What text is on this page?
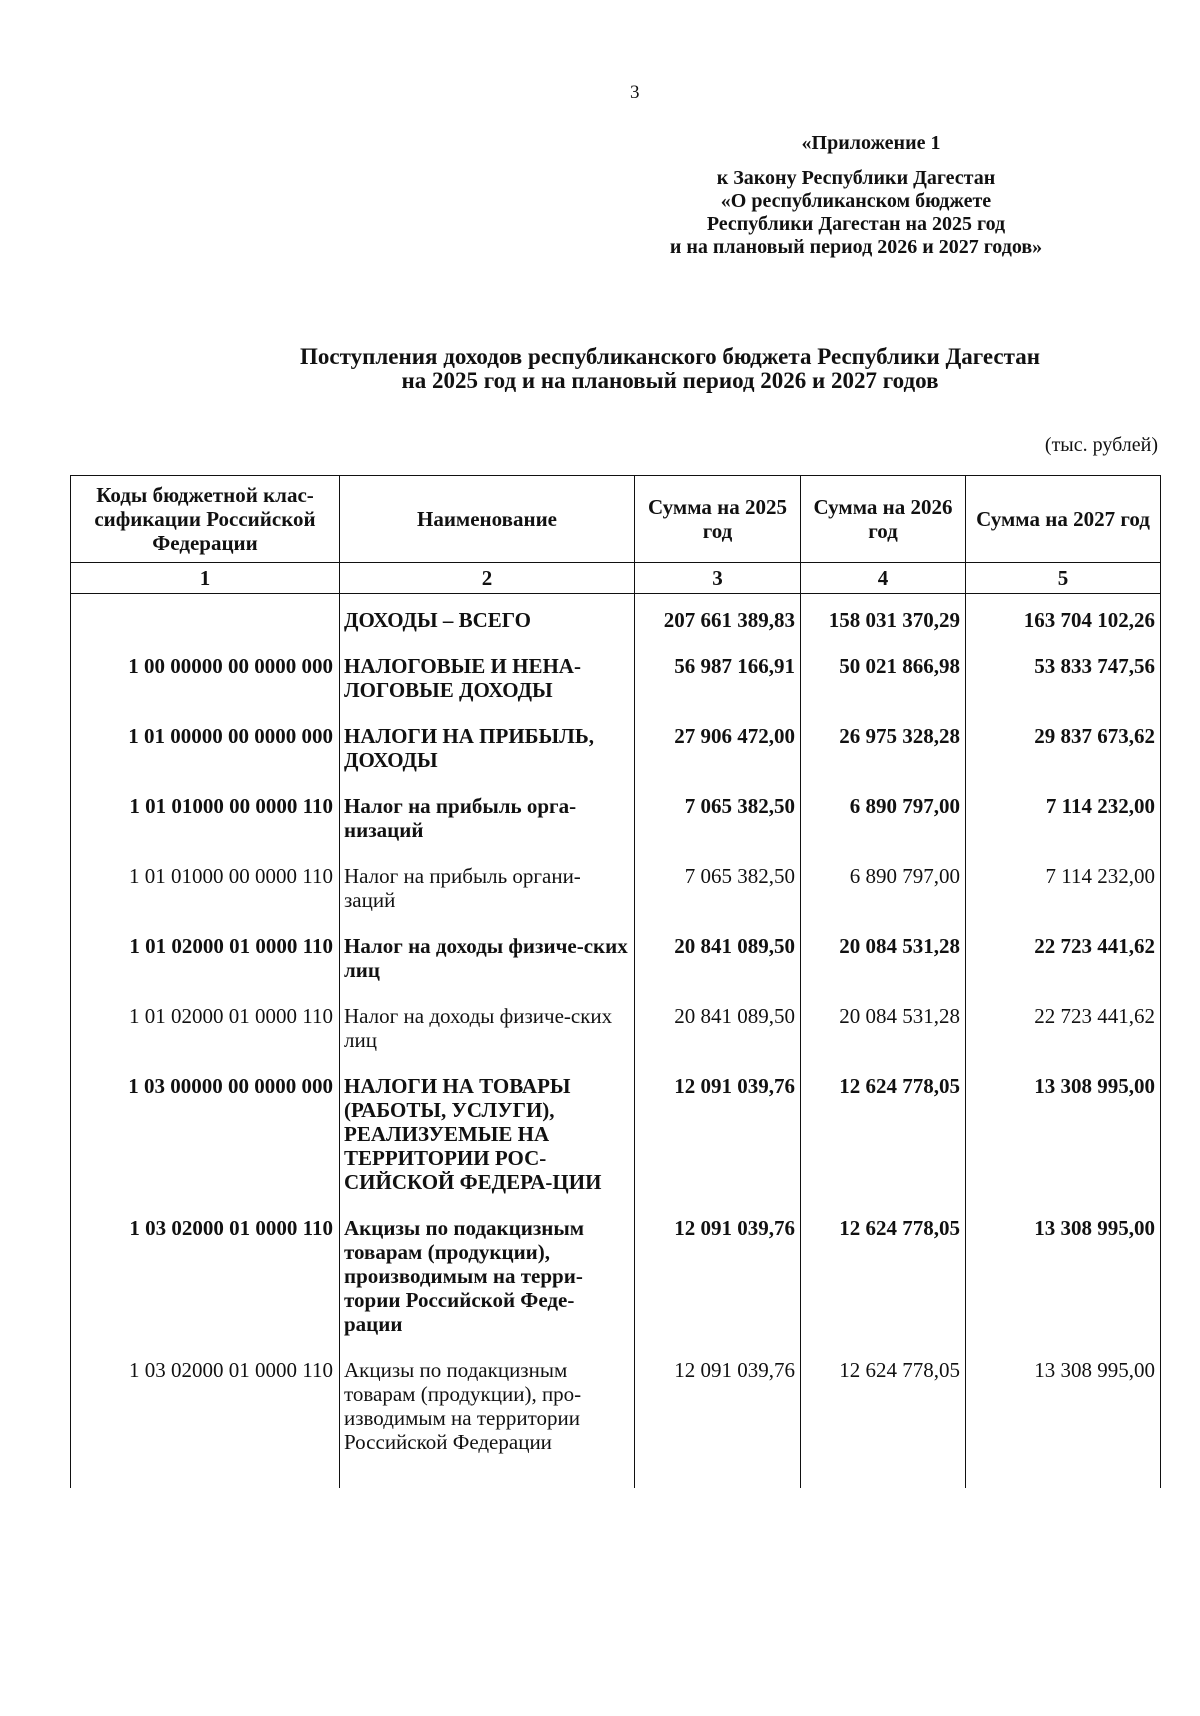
3
«Приложение 1
к Закону Республики Дагестан
«О республиканском бюджете
Республики Дагестан на 2025 год
и на плановый период 2026 и 2027 годов»
Поступления доходов республиканского бюджета Республики Дагестан
на 2025 год и на плановый период 2026 и 2027 годов
(тыс. рублей)
Коды бюджетной клас-сификации Российской Федерации	Наименование	Сумма на 2025 год	Сумма на 2026 год	Сумма на 2027 год
1	2	3	4	5
	ДОХОДЫ – ВСЕГО	207 661 389,83	158 031 370,29	163 704 102,26
1 00 00000 00 0000 000	НАЛОГОВЫЕ И НЕНА-ЛОГОВЫЕ ДОХОДЫ	56 987 166,91	50 021 866,98	53 833 747,56
1 01 00000 00 0000 000	НАЛОГИ НА ПРИБЫЛЬ, ДОХОДЫ	27 906 472,00	26 975 328,28	29 837 673,62
1 01 01000 00 0000 110	Налог на прибыль орга-низаций	7 065 382,50	6 890 797,00	7 114 232,00
1 01 01000 00 0000 110	Налог на прибыль органи-заций	7 065 382,50	6 890 797,00	7 114 232,00
1 01 02000 01 0000 110	Налог на доходы физиче-ских лиц	20 841 089,50	20 084 531,28	22 723 441,62
1 01 02000 01 0000 110	Налог на доходы физиче-ских лиц	20 841 089,50	20 084 531,28	22 723 441,62
1 03 00000 00 0000 000	НАЛОГИ НА ТОВАРЫ (РАБОТЫ, УСЛУГИ), РЕАЛИЗУЕМЫЕ НА ТЕРРИТОРИИ РОС-СИЙСКОЙ ФЕДЕРА-ЦИИ	12 091 039,76	12 624 778,05	13 308 995,00
1 03 02000 01 0000 110	Акцизы по подакцизным товарам (продукции), производимым на терри-тории Российской Феде-рации	12 091 039,76	12 624 778,05	13 308 995,00
1 03 02000 01 0000 110	Акцизы по подакцизным товарам (продукции), про-изводимым на территории Российской Федерации	12 091 039,76	12 624 778,05	13 308 995,00
